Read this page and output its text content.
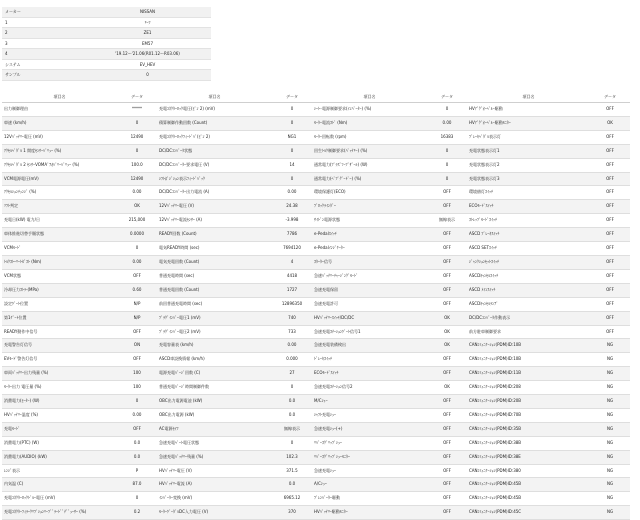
メーカー	NISSAN
1	ﾘｰﾌ
2	ZE1
3	EM57
4	'19.12〜'21.06(R01.12〜R03.06)
システム	EV_HEV
サンプル	0
項目名	データ	項目名	データ	項目名	データ	項目名	データ
出力制御理由	*****	充電ｺﾈｸﾀｰﾛｯｸ電圧(ﾋﾟﾝ 2) (mV)	0	ｼｰﾄ･電源制御要求(ｲﾝﾊﾞｰﾀｰ) (%)	0	HVｱﾞｸﾞｵｰﾍﾞﾙｰ駆動	OFF
車速 (km/h)	0	積算制御作動回数 (Count)	0	ﾓｰﾀｰ電流ｽﾄﾞ (Nm)	0.00	HVｱﾞｸﾞｵｰﾍﾞﾙｰ駆動ﾓﾆﾀｰ	OK
12Vﾊﾞｯﾃﾘｰ電圧 (mV)	12490	充電ｺﾈｸﾀｰﾛｯｸﾌｨｰﾄﾞﾊﾞ(ﾋﾟﾝ 2)	NG1	ﾓｰﾀｰ回転数 (rpm)	16383	ﾌﾞﾚｰｷﾍﾟﾀﾞﾙ表示灯	OFF
ｱｸｾﾙﾍﾟﾀﾞﾙ 1 開度ｾﾝｻｰﾊﾞﾘｭｰ (%)	0	DC/DCｺﾝﾊﾞｰﾀ状態	0	回生ﾄﾙｸ制御要求(ﾊﾞｯﾃﾘｰ) (%)	0	充電状態表示灯1	OFF
ｱｸｾﾙﾍﾟﾀﾞﾙ 2 ｾﾝｻｰVOMAﾟﾌｵﾊﾟﾘｰﾊﾞﾘｭｰ (%)	100.0	DC/DCｺﾝﾊﾞｰﾀｰ要求電圧 (V)	14	通常電力(ﾌﾟﾗｽﾞﾏｰﾌﾞｻﾞｰﾙ) (W)	0	充電状態表示灯2	OFF
VCM電源電圧(mV)	12490	ｼﾌﾄﾎﾟｼﾞｼｮﾝ表示ﾌｨｰﾄﾞﾊﾞｯｸ	0	通常電力(ﾍﾞﾌﾟｸﾞｰﾄﾞｰ) (%)	0	充電状態表示灯3	OFF
ｱｸｾﾙｼｮﾝﾁｪﾝｼﾞ (%)	0.00	DC/DCｺﾝﾊﾞｰﾀｰ出力電流 (A)	0.00	環境保護灯(ECO)	OFF	環境値灯ｽｲｯﾁ	OFF
ｿﾌﾄ判定	OK	12Vﾊﾞｯﾃﾘｰ電圧 (V)	24.38	ﾌﾞﾛｯｸﾗｲﾝﾀﾞｰ	OFF	ECOﾓｰﾄﾞｽｲｯﾁ	OFF
充電日(kW) 電力/日	215,000	12Vﾊﾞｯﾃﾘｰ電流ｾﾝｻｰ (A)	-3.998	ｻｲﾄﾞﾝ電源状態	無線表示	ｽﾄﾚｯﾌﾟﾓｰﾄﾞｽｲｯﾁ	OFF
車体推進切替手順状態	0.0000	READY回数 (Count)	7786	e-Pedalｽｲｯﾁ	OFF	ASCD ﾌﾞﾚｰｷｽｲｯﾁ	OFF
VCMﾓｰﾄﾞ	0	電気READY時間 (sec)	7694120	e-Pedalｲﾝｼﾞｹｰﾀｰ	OFF	ASCD SETｽｲｯﾁ	OFF
ﾄﾙｸｽﾄｰﾘｰﾄｶﾞｽﾄ (Nm)	0.00	電気充電回数 (Count)	4	ｽﾀｰﾀｰ信号	OFF	ｼﾞｬﾝｸｼｮﾝｾｯﾄｽｲｯﾁ	OFF
VCM状態	OFF	普通充電時間 (sec)	4418	急速ﾊﾞｯﾃﾘｰﾁｬｰｼﾞﾝｸﾞﾓｰﾄﾞ	OFF	ASCDｷｬﾝｾﾙｽｲｯﾁ	OFF
冷却圧力ｽﾄﾗ-(MPa)	0.60	普通充電回数 (Count)	1727	急速充電保留	OFF	ASCD ﾒｲﾝｽｲｯﾁ	OFF
設定ｹﾞｰﾄ位置	N/P	前回普通充電時間 (sec)	12896350	急速充電許可	OFF	ASCDｷｬﾝｾﾙﾗﾝﾌﾟ	OFF
第1ｹﾞｰﾄ位置	N/P	ﾌﾟﾗｸﾞｲﾝﾊﾞｰ電圧1 (mV)	740	HVﾊﾞｯﾃﾘｰｽｲｯﾁ/DC/DC	OK	DC/DCｺﾝﾊﾞｰﾀ作動表示	OFF
READY動作中信号	OFF	ﾌﾟﾗｸﾞｲﾝﾊﾞｰ電圧2 (mV)	733	急速充電ｽﾃｰｼｮﾝｹﾞｰﾄ信号1	OK	前方駐車制御要求	OFF
充電警告灯信号	ON	充電容量表 (km/h)	0.00	急速充電装備検出	OK	CANｺﾐｭﾆｹｰｼｮﾝ(PDM)ID:10B	NG
EVﾓｰﾄﾞ警告灯信号	OFF	ASCD車設換情報 (km/h)	0.000	ﾄﾞﾚｰｷｽｲｯﾁ	OFF	CANｺﾐｭﾆｹｰｼｮﾝ(PDM)ID:10B	NG
車両ﾊﾞｯﾃﾘｰ出力残量 (%)	100	電源充電ﾊﾞｰｼﾞ回数 (C)	27	ECOﾓｰﾄﾞｽｲｯﾁ	OFF	CANｺﾐｭﾆｹｰｼｮﾝ(PDM)ID:11B	NG
ﾓｰﾀｰ出力 電圧量 (%)	100	普通充電ﾊﾞｰｼﾞ時間制御件数	0	急速充電ｽﾃｰｼｮﾝ信号2	OK	CANｺﾐｭﾆｹｰｼｮﾝ(PDM)ID:208	NG
消費電力(ﾋｰﾀｰ) (W)	0	OBC出力電源電池 (kW)	0.0	M/Cｼｭｰ	OFF	CANｺﾐｭﾆｹｰｼｮﾝ(PDM)ID:20B	NG
HVﾊﾞｯﾃﾘｰ温度 (%)	0.00	OBC出力電源 (kW)	0.0	ｼｬﾌﾄ充電ｼｭｰ	OFF	CANｺﾐｭﾆｹｰｼｮﾝ(PDM)ID:70B	NG
充電ﾓｰﾄﾞ	OFF	AC電源ｾｲﾌ	無線表示	急速充電ｼｭｰ(+)	OFF	CANｺﾐｭﾆｹｰｼｮﾝ(PDM)ID:35B	NG
消費電力(PTC) (W)	0.0	急速充電ﾍﾟｰﾄ電圧状態	0	ﾘﾊﾞｰｽｸﾞﾘｯﾌﾟｼｭｰ	OFF	CANｺﾐｭﾆｹｰｼｮﾝ(PDM)ID:38B	NG
消費電力(AUDIO) (kW)	0.0	急速充電ﾊﾞｯﾃﾘｰ残量 (%)	102.3	ﾘﾊﾞｰｽｸﾞﾘｯﾌﾟｼｭｰﾓﾆﾀｰ	OFF	CANｺﾐｭﾆｹｰｼｮﾝ(PDM)ID:38E	NG
ﾚﾝｼﾞ表示	P	HVﾊﾞｯﾃﾘｰ電圧 (V)	371.5	急速充電ｼｭｰ	OFF	CANｺﾐｭﾆｹｰｼｮﾝ(PDM)ID:380	NG
内気温 (C)	87.0	HVﾊﾞｯﾃﾘｰ電流 (A)	0.0	A/Cｼｭｰ	OFF	CANｺﾐｭﾆｹｰｼｮﾝ(PDM)ID:45B	NG
充電ｺﾈｸﾀｰﾛｯｸﾄﾞﾙｰ電圧 (mV)	0	ｲﾝﾊﾞｰﾀｰ変換 (mV)	6965.12	ﾌﾟﾚﾝﾊﾞｰﾀｰ駆動	OFF	CANｺﾐｭﾆｹｰｼｮﾝ(PDM)ID:45B	NG
充電ｺﾈｸﾀｰﾌｨﾗｰｸﾘﾌﾟｼｮﾝﾘｰﾌﾞﾞﾗｰﾄﾞﾞﾃﾞﾞｭｰｻｰ (%)	0.2	ﾓｰﾀｰｹﾞｰﾀﾞﾙDC入力電圧 (V)	370	HVﾊﾞｯﾃﾘｰ駆動ﾓﾆﾀｰ	OFF	CANｺﾐｭﾆｹｰｼｮﾝ(PDM)ID:45C	NG
